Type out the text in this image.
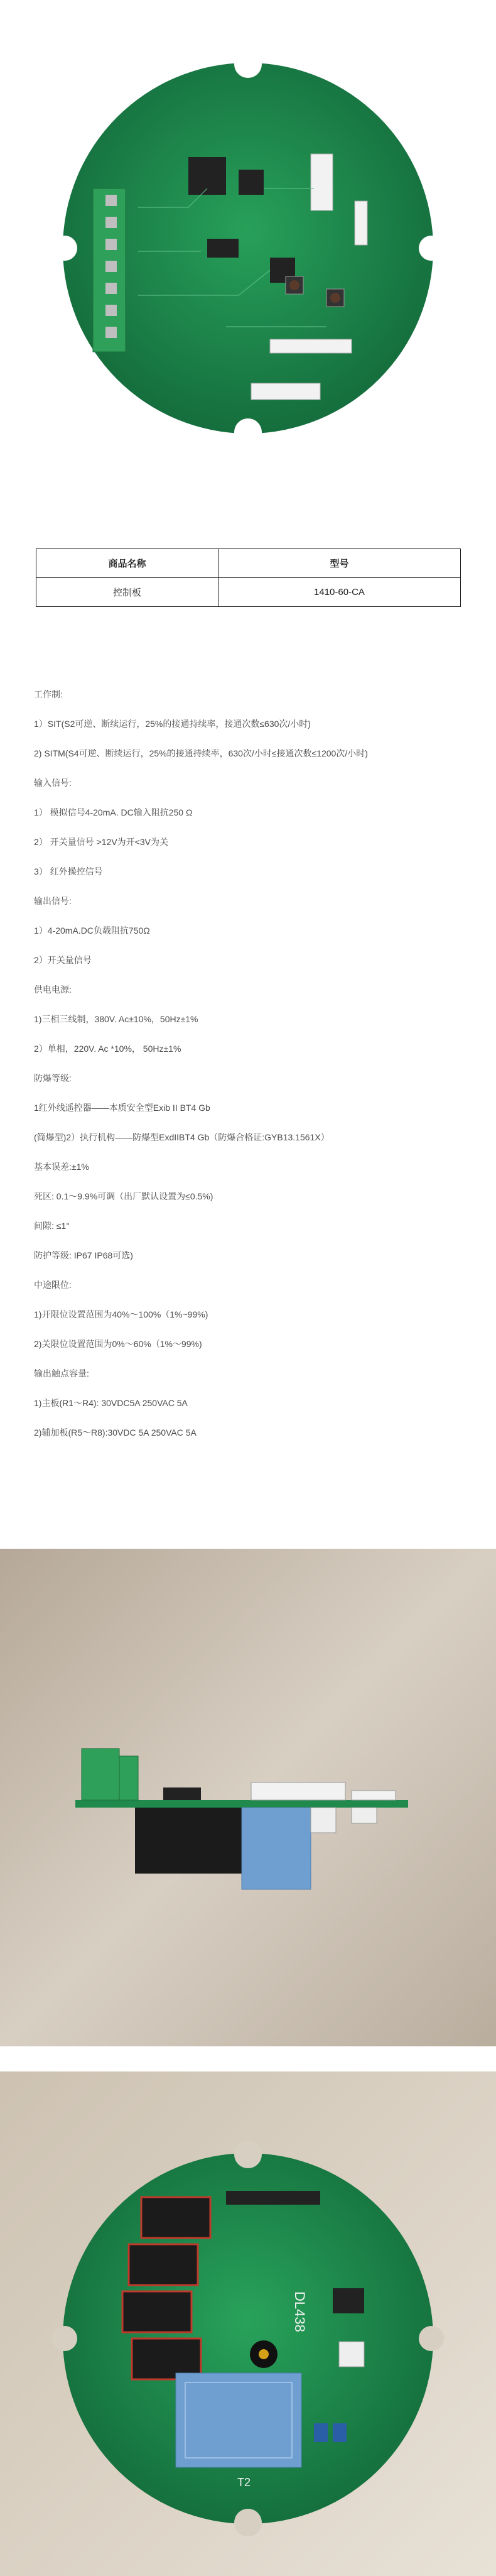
商品名称	型号
控制板	1410-60-CA

工作制:

1）SIT(S2可逆、断续运行，25%的接通持续率，接通次数≤630次/小时)

2) SITM(S4可逆、断续运行，25%的接通持续率，630次/小时≤接通次数≤1200次/小时)

输入信号:

1） 模拟信号4-20mA. DC输入阻抗250 Ω

2） 开关量信号 >12V为开<3V为关

3） 红外操控信号

输出信号:

1）4-20mA.DC负载阻抗750Ω

2）开关量信号

供电电源:

1)三相三线制，380V. Ac±10%，50Hz±1%

2）单相，220V. Ac *10%， 50Hz±1%

防爆等级:

1红外线遥控器——本质安全型Exib II BT4 Gb

(简爆型)2）执行机构——防爆型ExdIIBT4 Gb（防爆合格证:GYB13.1561X）

基本误差:±1%

死区: 0.1～9.9%可调（出厂默认设置为≤0.5%)

间隙: ≤1°

防护等级: IP67 IP68可选)

中途限位:

1)开限位设置范围为40%～100%（1%~99%)

2)关限位设置范围为0%～60%（1%～99%)

输出触点容量:

1)主板(R1～R4): 30VDC5A 250VAC 5A

2)辅加板(R5～R8):30VDC 5A 250VAC 5A

DL438
T2
